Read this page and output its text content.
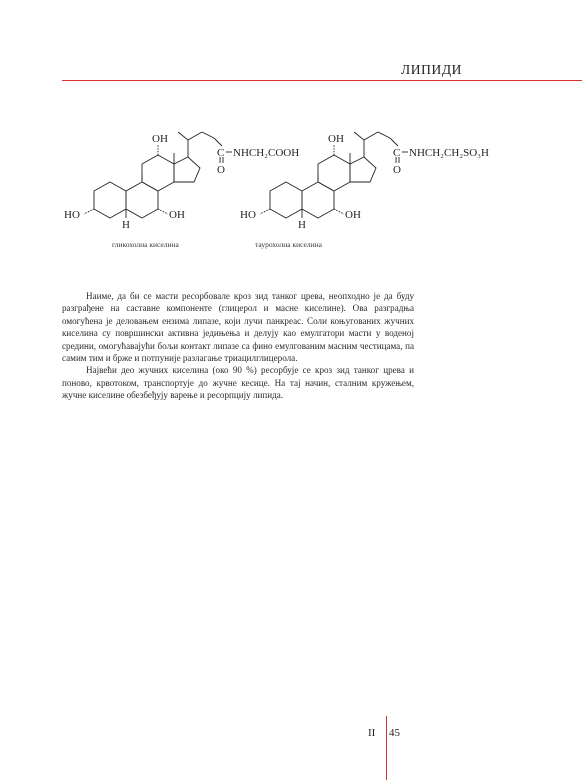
ЛИПИДИ
OH
HO	OH
H
C
O
NHCH₂COOH
OH
HO	OH
H
C
O
NHCH₂CH₂SO₃H
гликохолна киселина	таурохолна киселина

Наиме, да би се масти ресорбовале кроз зид танког црева, неопходно је да буду разграђене на саставне компоненте (глицерол и масне киселине). Ова разградња омогућена је деловањем ензима липазе, који лучи панкреас. Соли коњугованих жучних киселина су површински активна једињења и делују као емулгатори масти у воденој средини, омогућавајући бољи контакт липазе са фино емулгованим масним честицама, па самим тим и брже и потпуније разлагање триацилглицерола.

Највећи део жучних киселина (око 90 %) ресорбује се кроз зид танког црева и поново, крвотоком, транспортује до жучне кесице. На тај начин, сталним кружењем, жучне киселине обезбеђују варење и ресорпцију липида.

II 45
